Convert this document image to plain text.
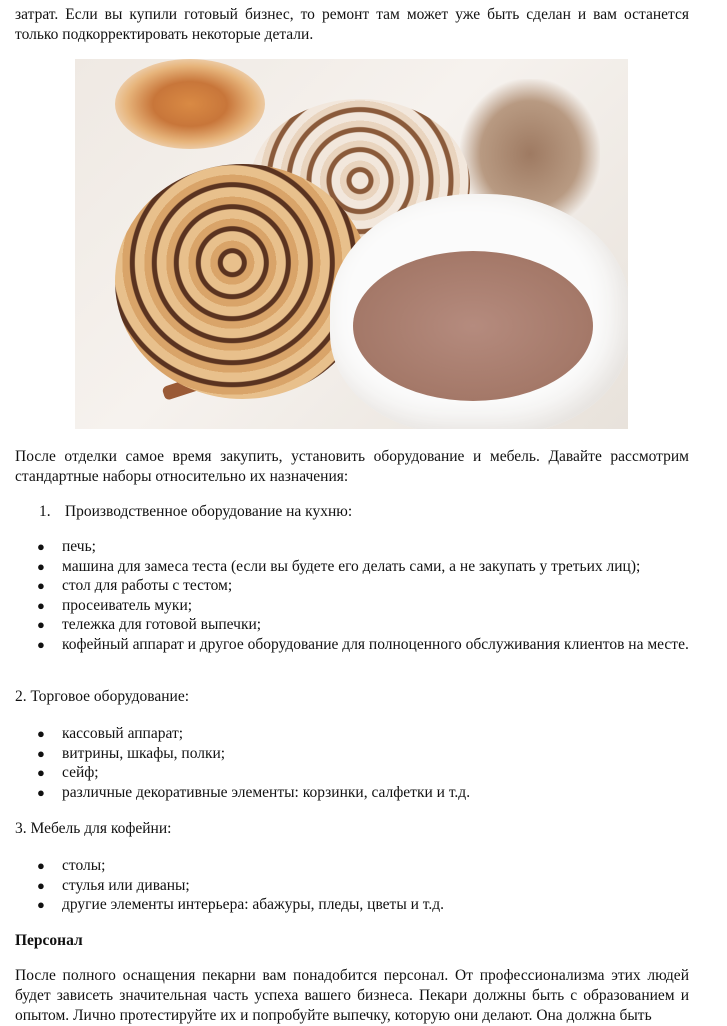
затрат. Если вы купили готовый бизнес, то ремонт там может уже быть сделан и вам останется только подкорректировать некоторые детали.

После отделки самое время закупить, установить оборудование и мебель. Давайте рассмотрим стандартные наборы относительно их назначения:

1. Производственное оборудование на кухню:
● печь;
● машина для замеса теста (если вы будете его делать сами, а не закупать у третьих лиц);
● стол для работы с тестом;
● просеиватель муки;
● тележка для готовой выпечки;
● кофейный аппарат и другое оборудование для полноценного обслуживания клиентов на месте.
2. Торговое оборудование:
● кассовый аппарат;
● витрины, шкафы, полки;
● сейф;
● различные декоративные элементы: корзинки, салфетки и т.д.
3. Мебель для кофейни:
● столы;
● стулья или диваны;
● другие элементы интерьера: абажуры, пледы, цветы и т.д.
Персонал

После полного оснащения пекарни вам понадобится персонал. От профессионализма этих людей будет зависеть значительная часть успеха вашего бизнеса. Пекари должны быть с образованием и опытом. Лично протестируйте их и попробуйте выпечку, которую они делают. Она должна быть
